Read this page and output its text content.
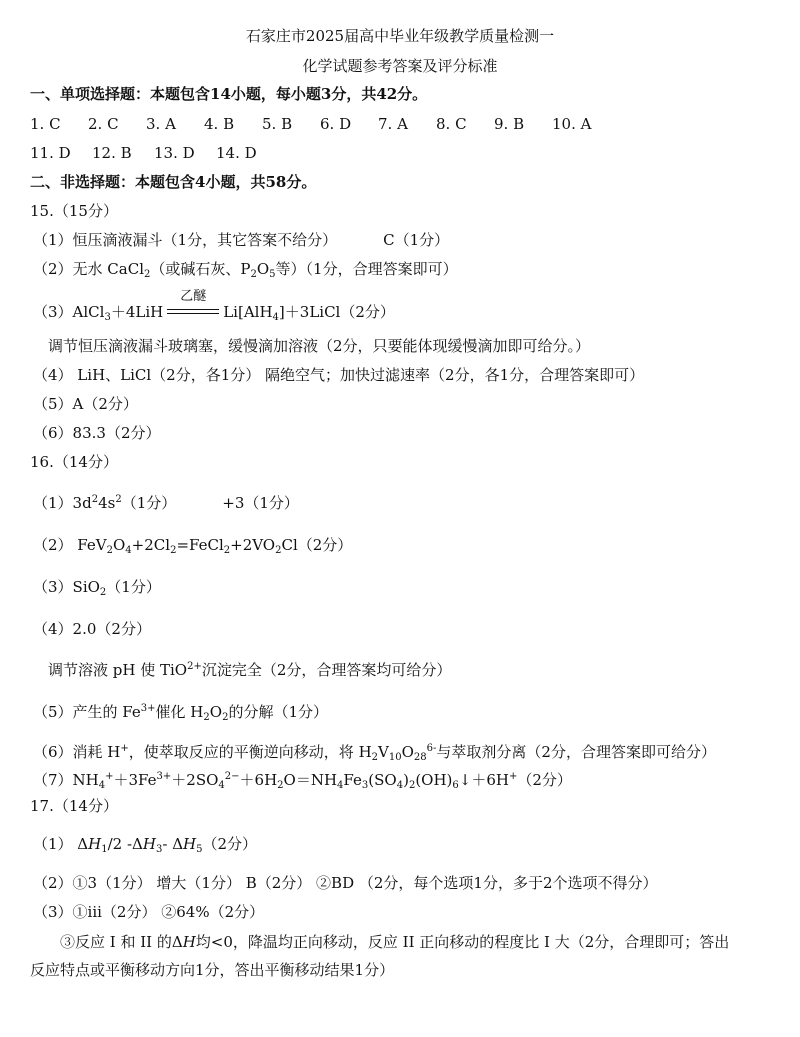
石家庄市2025届高中毕业年级教学质量检测一
化学试题参考答案及评分标准
一、单项选择题：本题包含14小题，每小题3分，共42分。
1. C 2. C 3. A 4. B 5. B 6. D 7. A 8. C 9. B 10. A
11. D 12. B 13. D 14. D
二、非选择题：本题包含4小题，共58分。
15.（15分）
（1）恒压滴液漏斗（1分，其它答案不给分）	C（1分）
（2）无水 CaCl$_2$（或碱石灰、$P_2O_5$等）（1分，合理答案即可）
（3）AlCl$_3$＋4LiH
乙醚
Li[AlH$_4$]＋3LiCl（2分）
调节恒压滴液漏斗玻璃塞，缓慢滴加溶液（2分，只要能体现缓慢滴加即可给分。）
（4） LiH、LiCl（2分，各1分） 隔绝空气；加快过滤速率（2分，各1分，合理答案即可）
（5）A（2分）
（6）83.3（2分）
16.（14分）
$(1)3d^24s^2(1$分）	+3（1分）
（2） $FeV_2O_4+2Cl_2=FeCl_2+2VO_2Cl(2$分）
（3）SiO$_2$（1分）
（4）2.0（2分）
调节溶液 pH 使 TiO$^{2+}$沉淀完全（2分，合理答案均可给分）
（5）产生的 $Fe^{3+}$催化 $H_2O_2$的分解（1分）
（6）消耗 H+，使萃取反应的平衡逆向移动，将 $H_2V_{10}O_{28}^{6-}$与萃取剂分离（2分，合理答案即可给分）
$(7)NH_4^++3Fe^{3+}+2SO_4^{2-}+6H_2O=NH_4Fe_3(SO_4)_2(OH)_6↓+6H^+(2$分）
17.（14分）
（1） $\Delta H_1/2$ $-\Delta H_3-$ $\Delta H_5(2$分）
（2）①3（1分） 增大（1分） B（2分） ②BD （2分，每个选项1分，多于2个选项不得分）
（3）①iii（2分） ②64%（2分）
③反应 I 和 II 的ΔH均<0，降温均正向移动，反应 II 正向移动的程度比 I 大（2分，合理即可；答出
反应特点或平衡移动方向1分，答出平衡移动结果1分）
